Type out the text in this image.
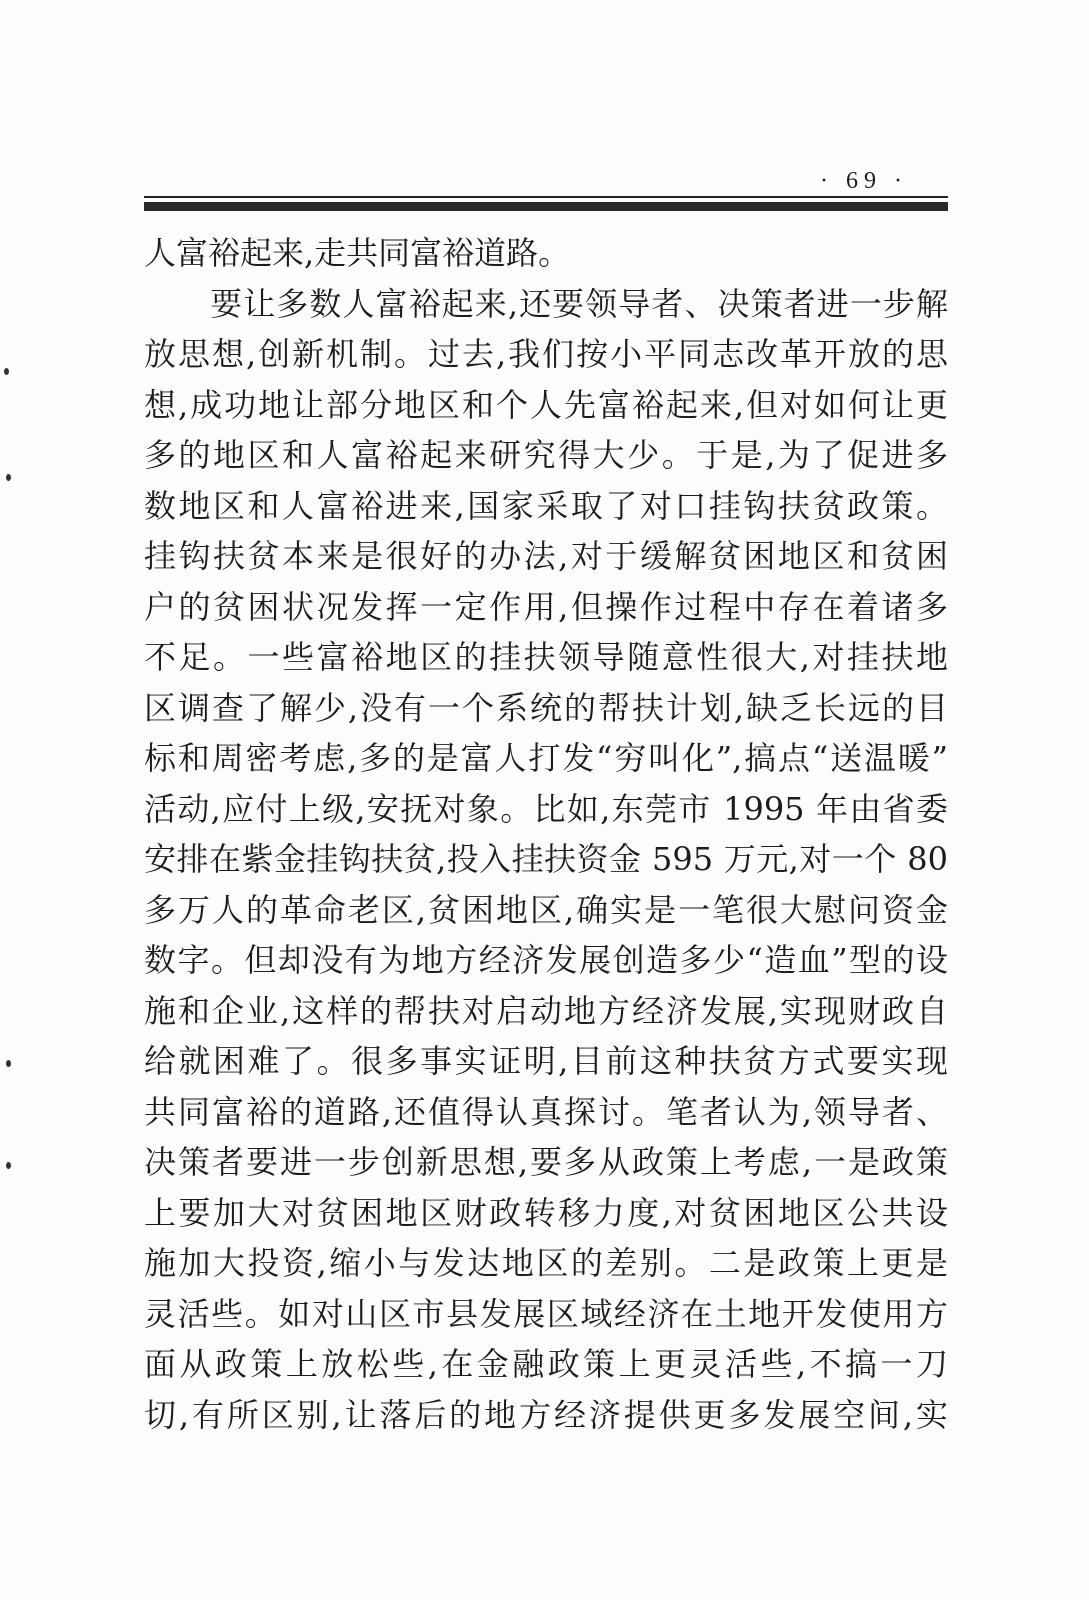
· 69 ·
人富裕起来,走共同富裕道路。
　　要让多数人富裕起来,还要领导者、决策者进一步解
放思想,创新机制。过去,我们按小平同志改革开放的思
想,成功地让部分地区和个人先富裕起来,但对如何让更
多的地区和人富裕起来研究得大少。于是,为了促进多
数地区和人富裕进来,国家采取了对口挂钩扶贫政策。
挂钩扶贫本来是很好的办法,对于缓解贫困地区和贫困
户的贫困状况发挥一定作用,但操作过程中存在着诸多
不足。一些富裕地区的挂扶领导随意性很大,对挂扶地
区调查了解少,没有一个系统的帮扶计划,缺乏长远的目
标和周密考虑,多的是富人打发“穷叫化”,搞点“送温暖”
活动,应付上级,安抚对象。比如,东莞市 1995 年由省委
安排在紫金挂钩扶贫,投入挂扶资金 595 万元,对一个 80
多万人的革命老区,贫困地区,确实是一笔很大慰问资金
数字。但却没有为地方经济发展创造多少“造血”型的设
施和企业,这样的帮扶对启动地方经济发展,实现财政自
给就困难了。很多事实证明,目前这种扶贫方式要实现
共同富裕的道路,还值得认真探讨。笔者认为,领导者、
决策者要进一步创新思想,要多从政策上考虑,一是政策
上要加大对贫困地区财政转移力度,对贫困地区公共设
施加大投资,缩小与发达地区的差别。二是政策上更是
灵活些。如对山区市县发展区域经济在土地开发使用方
面从政策上放松些,在金融政策上更灵活些,不搞一刀
切,有所区别,让落后的地方经济提供更多发展空间,实
